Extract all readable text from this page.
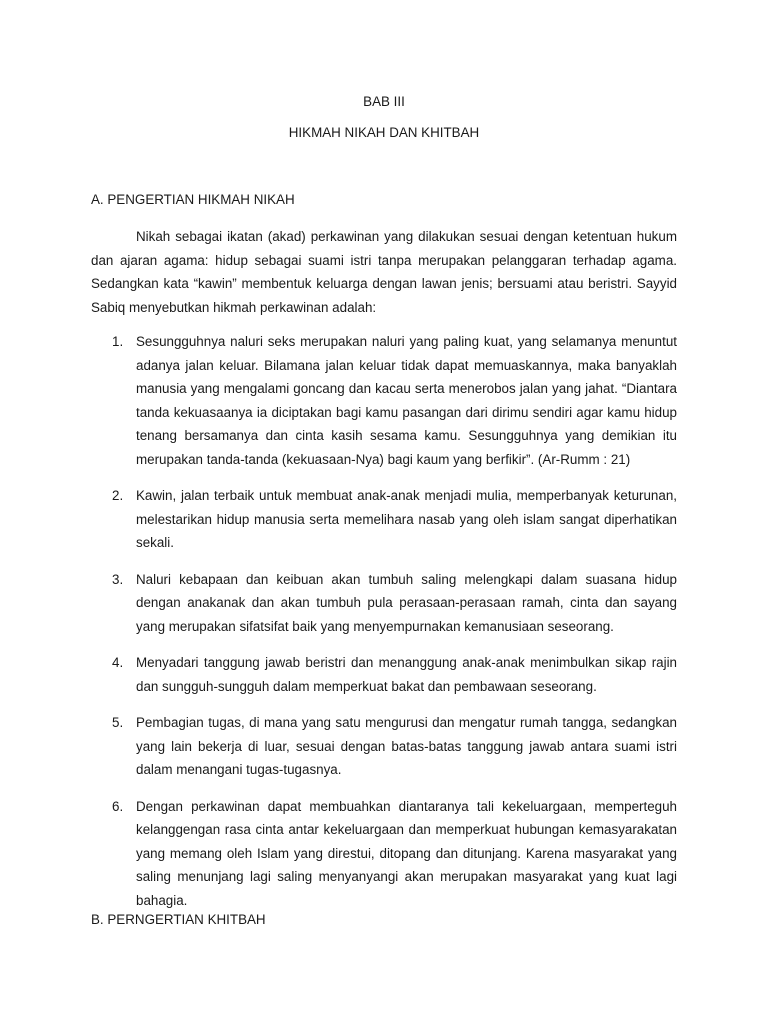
BAB III
HIKMAH NIKAH DAN KHITBAH
A. PENGERTIAN HIKMAH NIKAH

Nikah sebagai ikatan (akad) perkawinan yang dilakukan sesuai dengan ketentuan hukum dan ajaran agama: hidup sebagai suami istri tanpa merupakan pelanggaran terhadap agama. Sedangkan kata “kawin” membentuk keluarga dengan lawan jenis; bersuami atau beristri. Sayyid Sabiq menyebutkan hikmah perkawinan adalah:

1. Sesungguhnya naluri seks merupakan naluri yang paling kuat, yang selamanya menuntut adanya jalan keluar. Bilamana jalan keluar tidak dapat memuaskannya, maka banyaklah manusia yang mengalami goncang dan kacau serta menerobos jalan yang jahat. “Diantara tanda kekuasaanya ia diciptakan bagi kamu pasangan dari dirimu sendiri agar kamu hidup tenang bersamanya dan cinta kasih sesama kamu. Sesungguhnya yang demikian itu merupakan tanda-tanda (kekuasaan-Nya) bagi kaum yang berfikir”. (Ar-Rumm : 21)
2. Kawin, jalan terbaik untuk membuat anak-anak menjadi mulia, memperbanyak keturunan, melestarikan hidup manusia serta memelihara nasab yang oleh islam sangat diperhatikan sekali.
3. Naluri kebapaan dan keibuan akan tumbuh saling melengkapi dalam suasana hidup dengan anakanak dan akan tumbuh pula perasaan-perasaan ramah, cinta dan sayang yang merupakan sifatsifat baik yang menyempurnakan kemanusiaan seseorang.
4. Menyadari tanggung jawab beristri dan menanggung anak-anak menimbulkan sikap rajin dan sungguh-sungguh dalam memperkuat bakat dan pembawaan seseorang.
5. Pembagian tugas, di mana yang satu mengurusi dan mengatur rumah tangga, sedangkan yang lain bekerja di luar, sesuai dengan batas-batas tanggung jawab antara suami istri dalam menangani tugas-tugasnya.
6. Dengan perkawinan dapat membuahkan diantaranya tali kekeluargaan, memperteguh kelanggengan rasa cinta antar kekeluargaan dan memperkuat hubungan kemasyarakatan yang memang oleh Islam yang direstui, ditopang dan ditunjang. Karena masyarakat yang saling menunjang lagi saling menyanyangi akan merupakan masyarakat yang kuat lagi bahagia.
B. PERNGERTIAN KHITBAH
